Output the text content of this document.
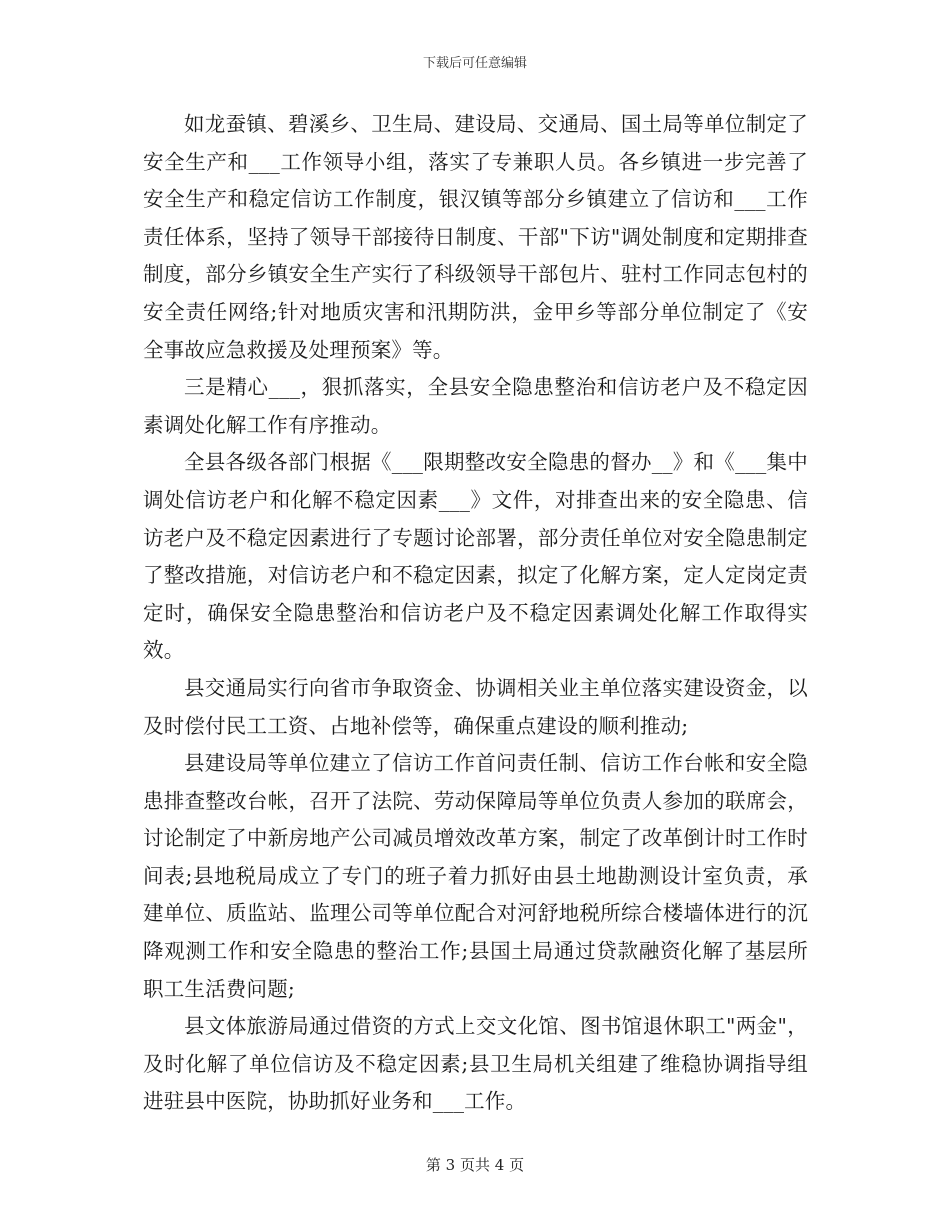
下载后可任意编辑

如龙蚕镇、碧溪乡、卫生局、建设局、交通局、国土局等单位制定了安全生产和___工作领导小组，落实了专兼职人员。各乡镇进一步完善了安全生产和稳定信访工作制度，银汉镇等部分乡镇建立了信访和___工作责任体系，坚持了领导干部接待日制度、干部"下访"调处制度和定期排查制度，部分乡镇安全生产实行了科级领导干部包片、驻村工作同志包村的安全责任网络;针对地质灾害和汛期防洪，金甲乡等部分单位制定了《安全事故应急救援及处理预案》等。

三是精心___，狠抓落实，全县安全隐患整治和信访老户及不稳定因素调处化解工作有序推动。

全县各级各部门根据《___限期整改安全隐患的督办__》和《___集中调处信访老户和化解不稳定因素___》文件，对排查出来的安全隐患、信访老户及不稳定因素进行了专题讨论部署，部分责任单位对安全隐患制定了整改措施，对信访老户和不稳定因素，拟定了化解方案，定人定岗定责定时，确保安全隐患整治和信访老户及不稳定因素调处化解工作取得实效。

县交通局实行向省市争取资金、协调相关业主单位落实建设资金，以及时偿付民工工资、占地补偿等，确保重点建设的顺利推动;

县建设局等单位建立了信访工作首问责任制、信访工作台帐和安全隐患排查整改台帐，召开了法院、劳动保障局等单位负责人参加的联席会，讨论制定了中新房地产公司减员增效改革方案，制定了改革倒计时工作时间表;县地税局成立了专门的班子着力抓好由县土地勘测设计室负责，承建单位、质监站、监理公司等单位配合对河舒地税所综合楼墙体进行的沉降观测工作和安全隐患的整治工作;县国土局通过贷款融资化解了基层所职工生活费问题;

县文体旅游局通过借资的方式上交文化馆、图书馆退休职工"两金"，及时化解了单位信访及不稳定因素;县卫生局机关组建了维稳协调指导组进驻县中医院，协助抓好业务和___工作。

第 3 页共 4 页
